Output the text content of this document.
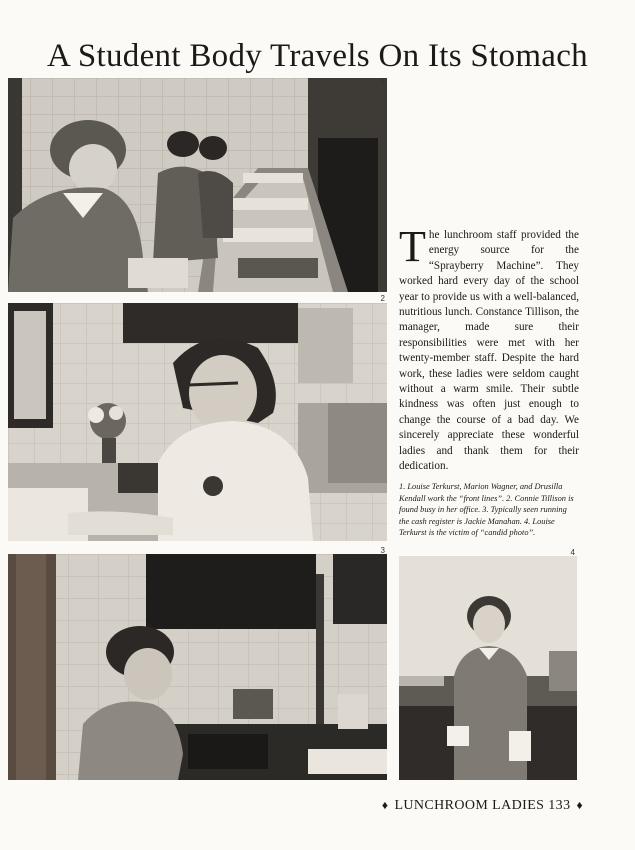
A Student Body Travels On Its Stomach
1
2
3	4

The lunchroom staff provided the energy source for the “Sprayberry Machine”. They worked hard every day of the school year to provide us with a well-balanced, nutritious lunch. Constance Tillison, the manager, made sure their responsibilities were met with her twenty-member staff. Despite the hard work, these ladies were seldom caught without a warm smile. Their subtle kindness was often just enough to change the course of a bad day. We sincerely appreciate these wonderful ladies and thank them for their dedication.

1. Louise Terkurst, Marion Wagner, and Drusilla Kendall work the “front lines”. 2. Connie Tillison is found busy in her office. 3. Typically seen running the cash register is Jackie Manahan. 4. Louise Terkurst is the victim of “candid photo”.

♦ LUNCHROOM LADIES 133 ♦
